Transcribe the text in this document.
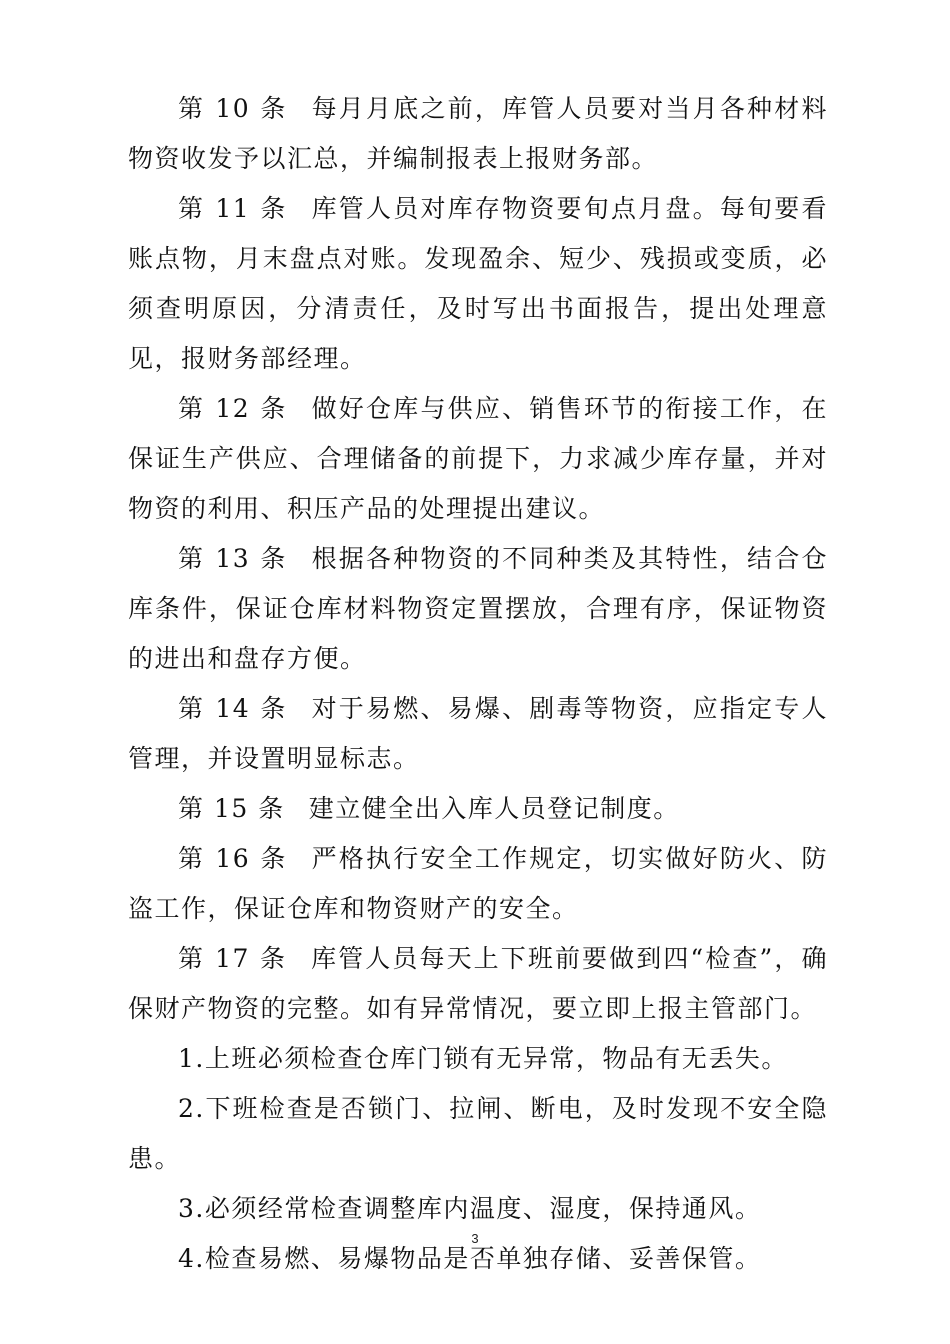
第 10 条 每月月底之前，库管人员要对当月各种材料物资收发予以汇总，并编制报表上报财务部。

第 11 条 库管人员对库存物资要旬点月盘。每旬要看账点物，月末盘点对账。发现盈余、短少、残损或变质，必须查明原因，分清责任，及时写出书面报告，提出处理意见，报财务部经理。

第 12 条 做好仓库与供应、销售环节的衔接工作，在保证生产供应、合理储备的前提下，力求减少库存量，并对物资的利用、积压产品的处理提出建议。

第 13 条 根据各种物资的不同种类及其特性，结合仓库条件，保证仓库材料物资定置摆放，合理有序，保证物资的进出和盘存方便。

第 14 条 对于易燃、易爆、剧毒等物资，应指定专人管理，并设置明显标志。

第 15 条 建立健全出入库人员登记制度。

第 16 条 严格执行安全工作规定，切实做好防火、防盗工作，保证仓库和物资财产的安全。

第 17 条 库管人员每天上下班前要做到四“检查”，确保财产物资的完整。如有异常情况，要立即上报主管部门。

1.上班必须检查仓库门锁有无异常，物品有无丢失。

2.下班检查是否锁门、拉闸、断电，及时发现不安全隐患。

3.必须经常检查调整库内温度、湿度，保持通风。

4.检查易燃、易爆物品是否单独存储、妥善保管。

3
